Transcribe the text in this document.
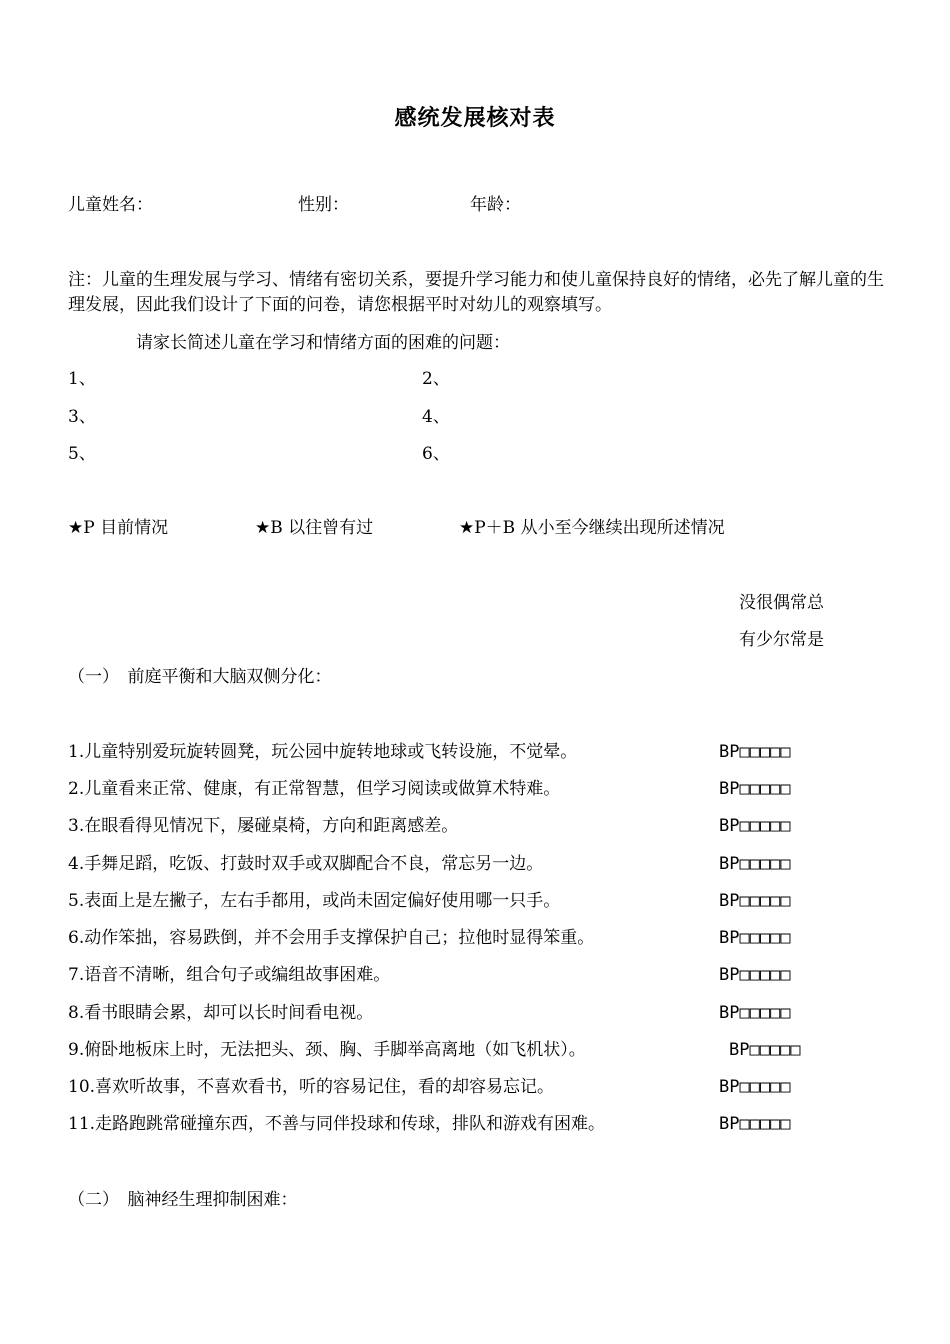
感统发展核对表
儿童姓名：	性别：	年龄：
注：儿童的生理发展与学习、情绪有密切关系，要提升学习能力和使儿童保持良好的情绪，必先了解儿童的生理发展，因此我们设计了下面的问卷，请您根据平时对幼儿的观察填写。
请家长简述儿童在学习和情绪方面的困难的问题：
1、	2、
3、	4、
5、	6、
★P 目前情况	★B 以往曾有过	★P＋B 从小至今继续出现所述情况
没很偶常总
有少尔常是
（一）　前庭平衡和大脑双侧分化：
1.儿童特别爱玩旋转圆凳，玩公园中旋转地球或飞转设施，不觉晕。	BP□□□□□
2.儿童看来正常、健康，有正常智慧，但学习阅读或做算术特难。	BP□□□□□
3.在眼看得见情况下，屡碰桌椅，方向和距离感差。	BP□□□□□
4.手舞足蹈，吃饭、打鼓时双手或双脚配合不良，常忘另一边。	BP□□□□□
5.表面上是左撇子，左右手都用，或尚未固定偏好使用哪一只手。	BP□□□□□
6.动作笨拙，容易跌倒，并不会用手支撑保护自己；拉他时显得笨重。	BP□□□□□
7.语音不清晰，组合句子或编组故事困难。	BP□□□□□
8.看书眼睛会累，却可以长时间看电视。	BP□□□□□
9.俯卧地板床上时，无法把头、颈、胸、手脚举高离地（如飞机状）。	BP□□□□□
10.喜欢听故事，不喜欢看书，听的容易记住，看的却容易忘记。	BP□□□□□
11.走路跑跳常碰撞东西，不善与同伴投球和传球，排队和游戏有困难。	BP□□□□□
（二）　脑神经生理抑制困难：
